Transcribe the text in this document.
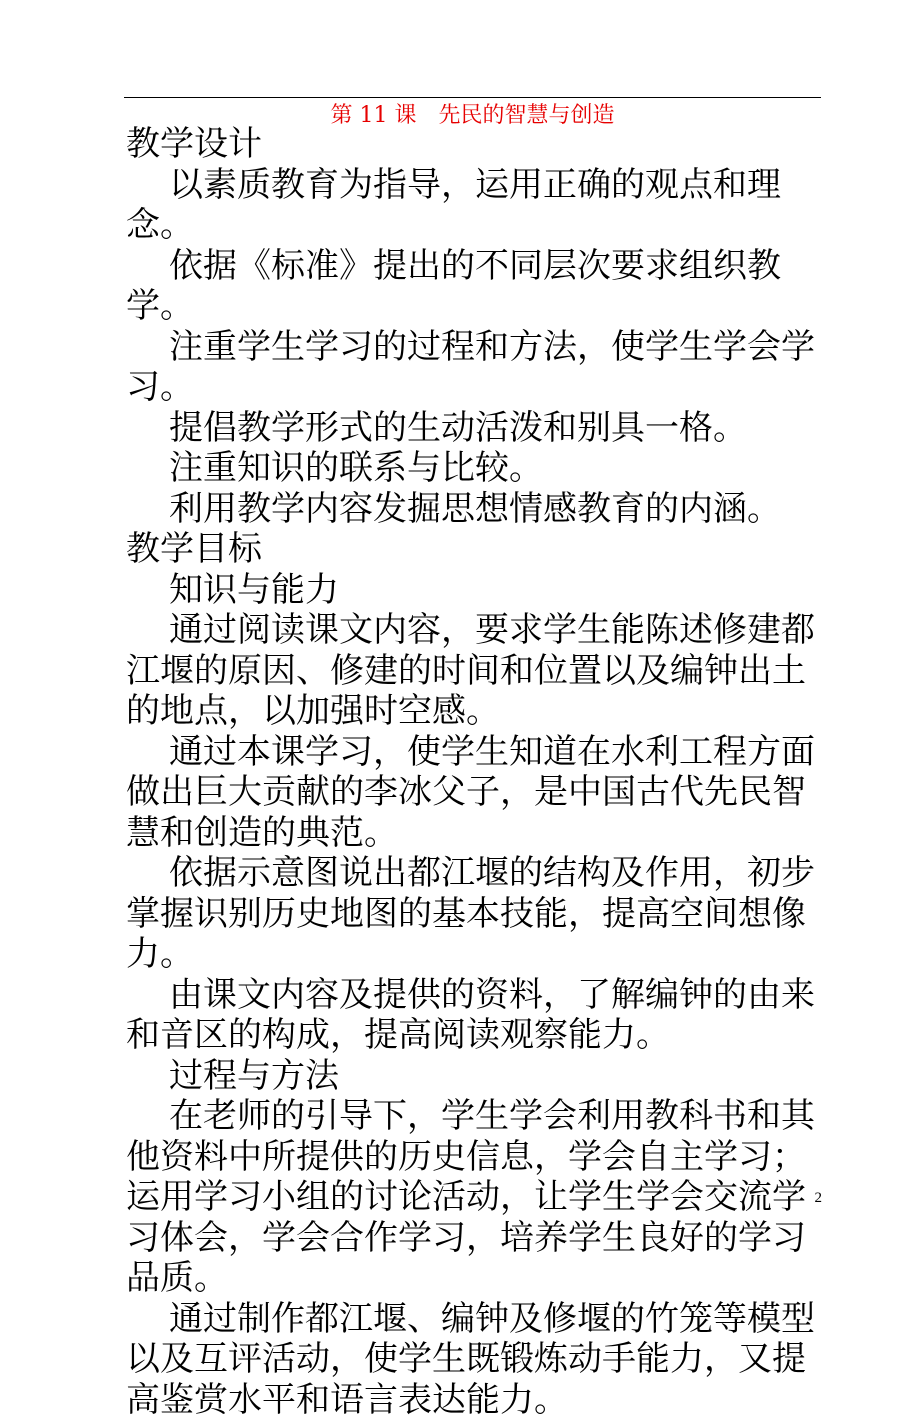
第 11 课　先民的智慧与创造

教学设计

以素质教育为指导，运用正确的观点和理念。

依据《标准》提出的不同层次要求组织教学。

注重学生学习的过程和方法，使学生学会学习。

提倡教学形式的生动活泼和别具一格。

注重知识的联系与比较。

利用教学内容发掘思想情感教育的内涵。

教学目标

知识与能力

通过阅读课文内容，要求学生能陈述修建都江堰的原因、修建的时间和位置以及编钟出土的地点，以加强时空感。

通过本课学习，使学生知道在水利工程方面做出巨大贡献的李冰父子，是中国古代先民智慧和创造的典范。

依据示意图说出都江堰的结构及作用，初步掌握识别历史地图的基本技能，提高空间想像力。

由课文内容及提供的资料，了解编钟的由来和音区的构成，提高阅读观察能力。

过程与方法

在老师的引导下，学生学会利用教科书和其他资料中所提供的历史信息，学会自主学习；运用学习小组的讨论活动，让学生学会交流学习体会，学会合作学习，培养学生良好的学习品质。

通过制作都江堰、编钟及修堰的竹笼等模型以及互评活动，使学生既锻炼动手能力，又提高鉴赏水平和语言表达能力。

2
